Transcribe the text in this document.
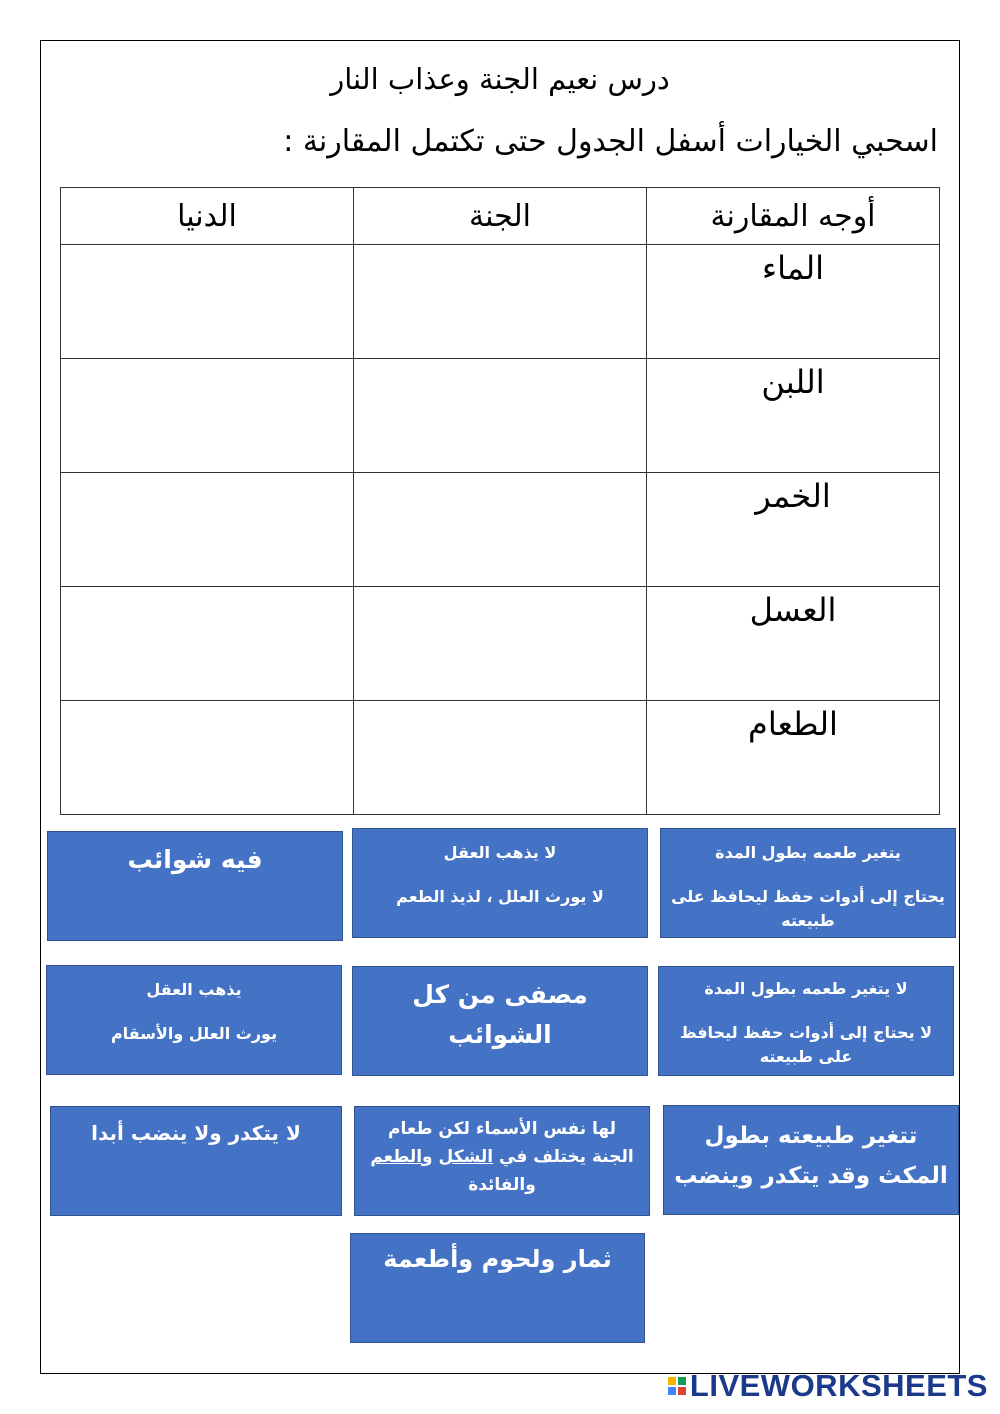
درس نعيم الجنة وعذاب النار
اسحبي الخيارات أسفل الجدول حتى تكتمل المقارنة :
أوجه المقارنة	الجنة	الدنيا
الماء		
اللبن		
الخمر		
العسل		
الطعام		
يتغير طعمه بطول المدة
يحتاج إلى أدوات حفظ ليحافظ على
طبيعته
لا يذهب العقل
لا يورث العلل ، لذيذ الطعم
فيه شوائب
لا يتغير طعمه بطول المدة
لا يحتاج إلى أدوات حفظ ليحافظ
على طبيعته
مصفى من كل
الشوائب
يذهب العقل
يورث العلل والأسقام
تتغير طبيعته بطول
المكث وقد يتكدر وينضب
لها نفس الأسماء لكن طعام
الجنة يختلف في الشكل والطعم
والفائدة
لا يتكدر ولا ينضب أبدا
ثمار ولحوم وأطعمة
LIVEWORKSHEETS
